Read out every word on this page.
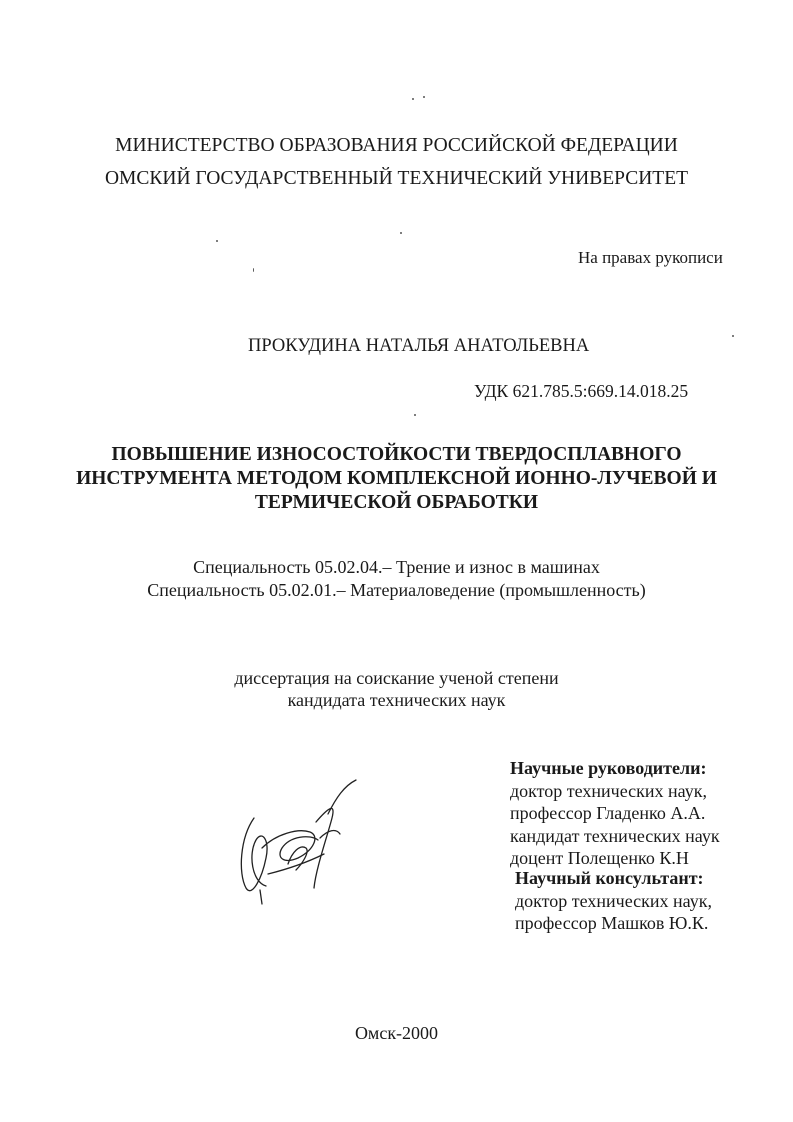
МИНИСТЕРСТВО ОБРАЗОВАНИЯ РОССИЙСКОЙ ФЕДЕРАЦИИ
ОМСКИЙ ГОСУДАРСТВЕННЫЙ ТЕХНИЧЕСКИЙ УНИВЕРСИТЕТ
На правах рукописи
ПРОКУДИНА НАТАЛЬЯ АНАТОЛЬЕВНА
УДК 621.785.5:669.14.018.25
ПОВЫШЕНИЕ ИЗНОСОСТОЙКОСТИ ТВЕРДОСПЛАВНОГО
ИНСТРУМЕНТА МЕТОДОМ КОМПЛЕКСНОЙ ИОННО-ЛУЧЕВОЙ И
ТЕРМИЧЕСКОЙ ОБРАБОТКИ
Специальность 05.02.04.– Трение и износ в машинах
Специальность 05.02.01.– Материаловедение (промышленность)
диссертация на соискание ученой степени
кандидата технических наук
Научные руководители:
доктор технических наук,
профессор Гладенко А.А.
кандидат технических наук
доцент Полещенко К.Н
Научный консультант:
доктор технических наук,
профессор Машков Ю.К.
Омск-2000
